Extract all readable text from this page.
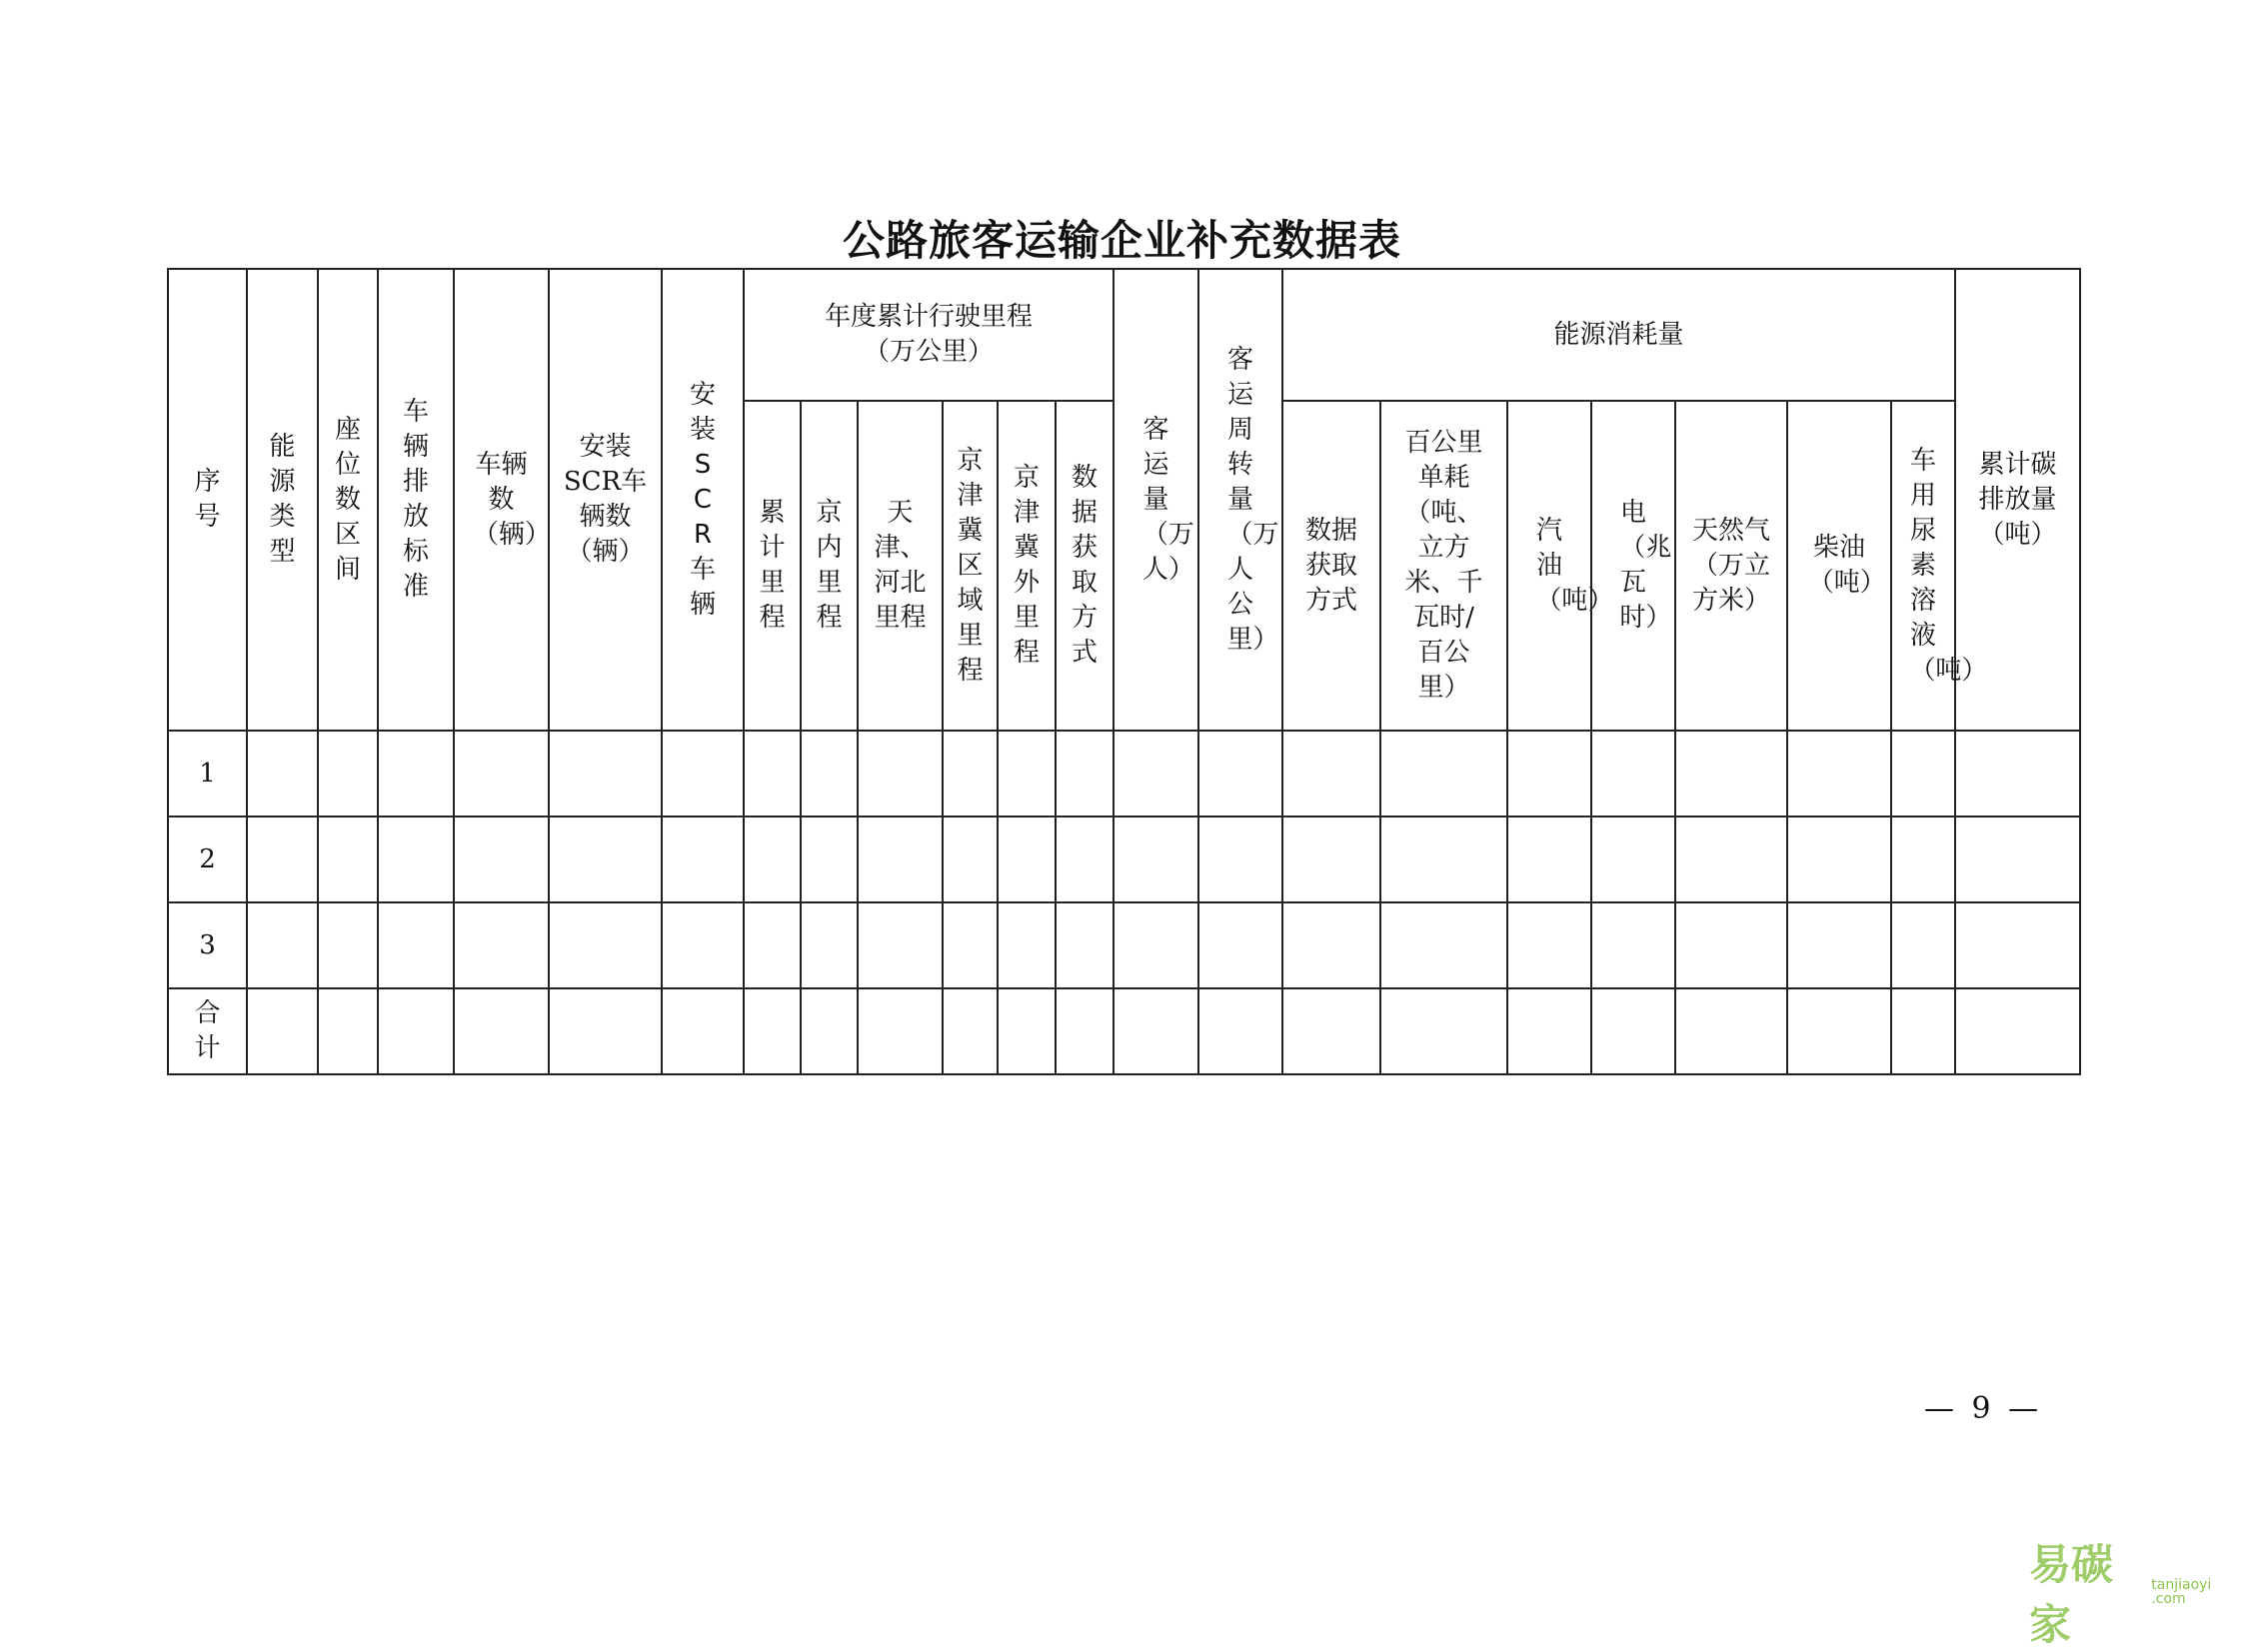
公路旅客运输企业补充数据表
序号	能源类型	座位数区间	车辆排放标准	车辆数（辆）	安装SCR车辆数（辆）	安装SCR车辆	年度累计行驶里程（万公里）						客运量（万人）	客运周转量（万人公里）	能源消耗量							累计碳排放量（吨）

							累计里程	京内里程	天津、河北里程	京津冀区域里程	京津冀外里程	数据获取方式			数据获取方式	百公里单耗（吨、立方米、千瓦时/百公里）	汽油（吨）	电（兆瓦时）	天然气（万立方米）	柴油（吨）	车用尿素溶液（吨）	

1																						
2																						
3																						

合计																						

— 9 —
易碳家
tanjiaoyi .com
